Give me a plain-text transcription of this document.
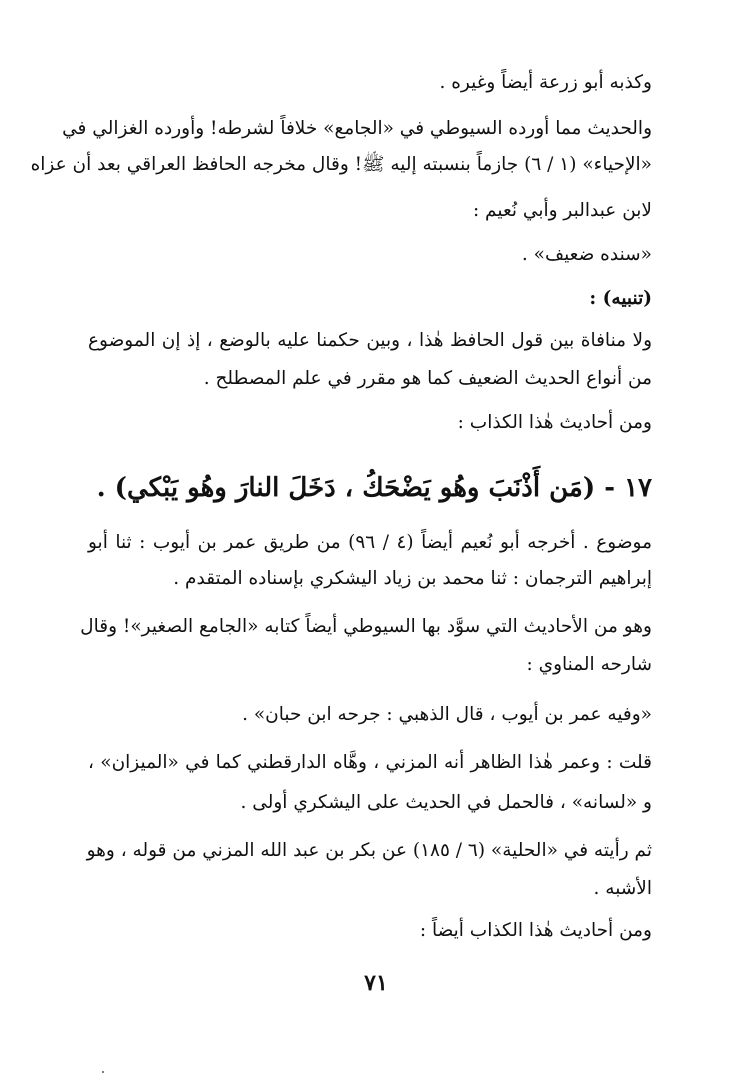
وكذبه أبو زرعة أيضاً وغيره .
والحديث مما أورده السيوطي في «الجامع» خلافاً لشرطه! وأورده الغزالي في
«الإحياء» (١ / ٦) جازماً بنسبته إليه ﷺ! وقال مخرجه الحافظ العراقي بعد أن عزاه
لابن عبدالبر وأبي نُعيم :
«سنده ضعيف» .
(تنبيه) :
ولا منافاة بين قول الحافظ هٰذا ، وبين حكمنا عليه بالوضع ، إذ إن الموضوع
من أنواع الحديث الضعيف كما هو مقرر في علم المصطلح .
ومن أحاديث هٰذا الكذاب :
١٧ - (مَن أَذْنَبَ وهُو يَضْحَكُ ، دَخَلَ النارَ وهُو يَبْكي) .
موضوع . أخرجه أبو نُعيم أيضاً (٤ / ٩٦) من طريق عمر بن أيوب : ثنا أبو
إبراهيم الترجمان : ثنا محمد بن زياد اليشكري بإسناده المتقدم .
وهو من الأحاديث التي سوَّد بها السيوطي أيضاً كتابه «الجامع الصغير»! وقال
شارحه المناوي :
«وفيه عمر بن أيوب ، قال الذهبي : جرحه ابن حبان» .
قلت : وعمر هٰذا الظاهر أنه المزني ، وهَّاه الدارقطني كما في «الميزان» ،
و «لسانه» ، فالحمل في الحديث على اليشكري أولى .
ثم رأيته في «الحلية» (٦ / ١٨٥) عن بكر بن عبد الله المزني من قوله ، وهو
الأشبه .
ومن أحاديث هٰذا الكذاب أيضاً :
٧١
